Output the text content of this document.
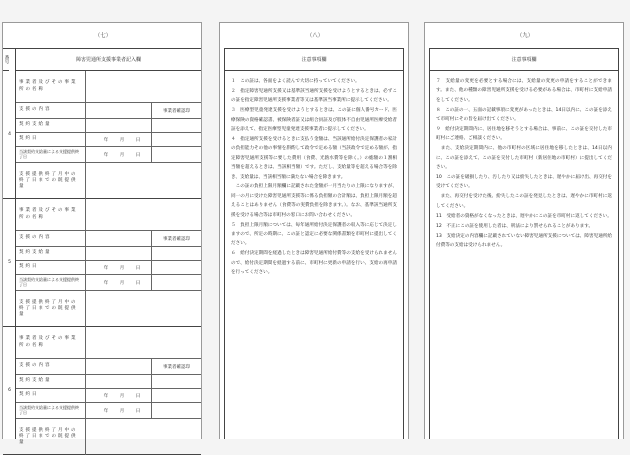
（七）
番号	障害児通所支援事業者記入欄
4
事業者及びその事業所の名称
支援の内容	事業者確認印
契約支給量
契約日	年	月	日
当該契約支給量による支援提供終了日	年	月	日
支援提供終了月中の終了日までの既提供量
5
事業者及びその事業所の名称
支援の内容	事業者確認印
契約支給量
契約日	年	月	日
当該契約支給量による支援提供終了日	年	月	日
支援提供終了月中の終了日までの既提供量
6
事業者及びその事業所の名称
支援の内容	事業者確認印
契約支給量
契約日	年	月	日
当該契約支給量による支援提供終了日	年	月	日
支援提供終了月中の終了日までの既提供量
（八）
注意事項欄

１　この証は、各面をよく読んで大切に持っていてください。

２　指定障害児通所支援又は基準該当通所支援を受けようとするときは、必ずこの証を指定障害児通所支援事業者等又は基準該当事業所に提示してください。

３　医療型児童発達支援を受けようとするときは、この証に個人番号カード、医療保険の資格確認書、被保険者証又は組合員証及び肢体不自由児通所医療受給者証を添えて、指定医療型児童発達支援事業者に提示してください。

４　指定通所支援を受けるときに支払う金額は、当該通所給付決定保護者の家計の負担能力その他の事情を斟酌して政令で定める額（当該政令で定める額が、指定障害児通所支援等に要した費用（食費、光熱水費等を除く。）の総額の１割相当額を超えるときは、当該相当額）です。ただし、支給量等を超える場合等を除き、支給量は、当該相当額に満たない場合を除きます。

　この証の負担上限月額欄に記載された金額が一月当たりの上限になりますが、同一の月に受けた障害児通所支援等に係る負担額の合計額は、負担上限月額を超えることはありません（食費等の実費負担を除きます。）。なお、基準該当通所支援を受ける場合等は市町村の窓口にお問い合わせください。

５　負担上限月額については、毎年通所給付決定保護者の収入等に応じて決定しますので、所定の時期に、この証と認定に必要な関係書類を市町村に提出してください。

６　給付決定期間を経過したときは障害児通所給付費等の支給を受けられませんので、給付決定期間を経過する前に、市町村に更新の申請を行い、支給の再申請を行ってください。

（九）
注意事項欄

７　支給量の変更を必要とする場合には、支給量の変更の申請をすることができます。また、他の種類の障害児通所支援を受ける必要がある場合は、市町村に支給申請をしてください。

８　この証の一、五面の記載事項に変更があったときは、14日以内に、この証を添えて市町村にその旨を届け出てください。

９　給付決定期間内に、居住地を移そうとする場合は、事前に、この証を交付した市町村にご連絡、ご相談ください。

　また、支給決定期間内に、他の市町村の区域に居住地を移したときは、14日以内に、この証を添えて、この証を交付した市町村（新居住地の市町村）に提出してください。

10　この証を破損したり、汚したり又は紛失したときは、遅やかに届け出、再交付を受けてください。

　また、再交付を受けた後、紛失したこの証を発見したときは、遅やかに市町村に返してください。

11　受給者の資格がなくなったときは、遅やかにこの証を市町村に返してください。

12　不正にこの証を使用した者は、刑法により罰せられることがあります。

13　支給決定の内容欄に記載されていない障害児通所支援については、障害児通所給付費等の支給は受けられません。
